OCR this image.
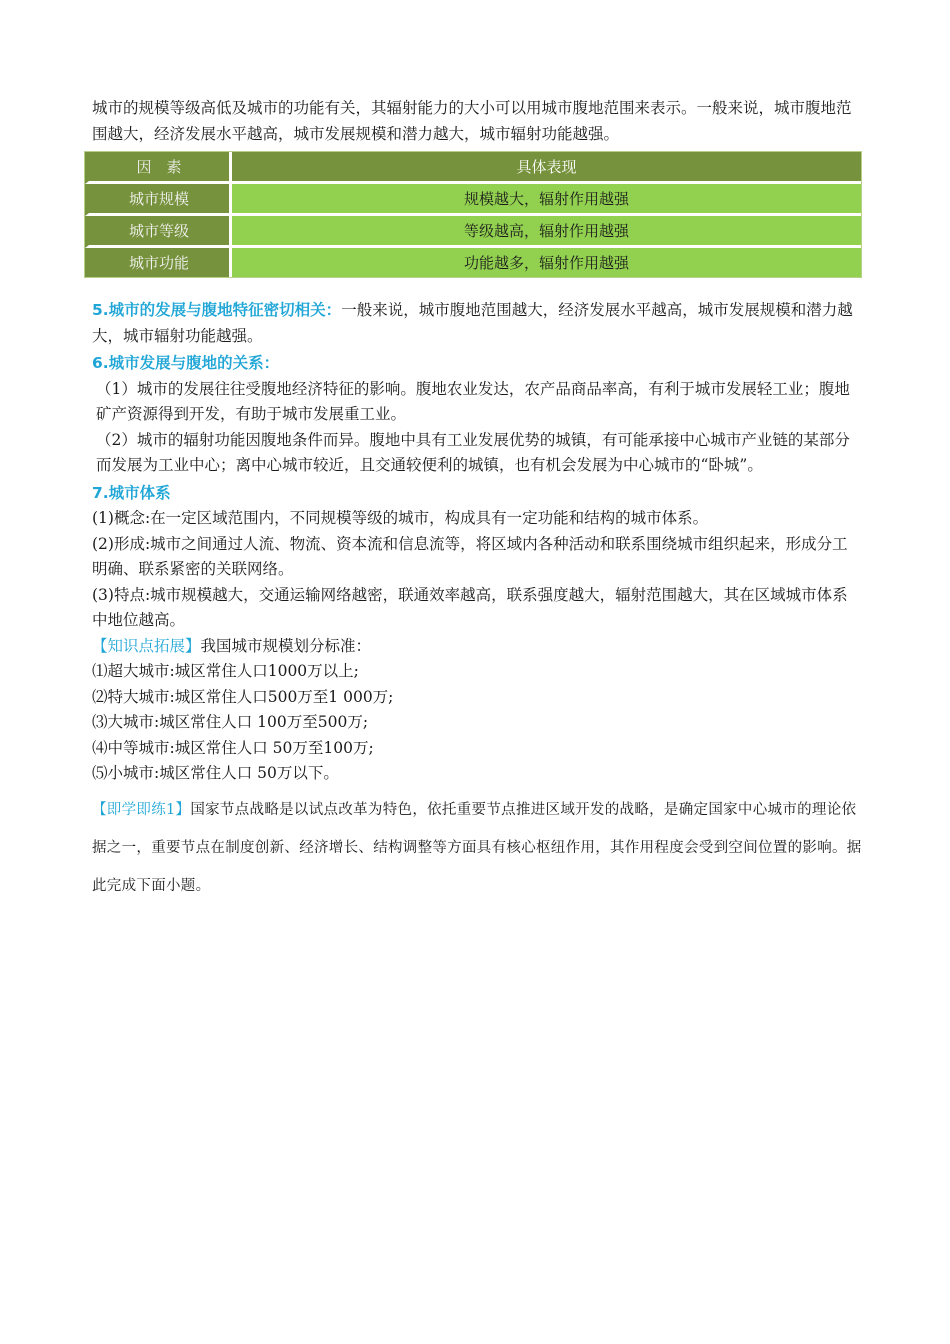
城市的规模等级高低及城市的功能有关，其辐射能力的大小可以用城市腹地范围来表示。一般来说，城市腹地范围越大，经济发展水平越高，城市发展规模和潜力越大，城市辐射功能越强。

因　素	具体表现
城市规模	规模越大，辐射作用越强
城市等级	等级越高，辐射作用越强
城市功能	功能越多，辐射作用越强

5.城市的发展与腹地特征密切相关：一般来说，城市腹地范围越大，经济发展水平越高，城市发展规模和潜力越大，城市辐射功能越强。

6.城市发展与腹地的关系：

（1）城市的发展往往受腹地经济特征的影响。腹地农业发达，农产品商品率高，有利于城市发展轻工业；腹地矿产资源得到开发，有助于城市发展重工业。

（2）城市的辐射功能因腹地条件而异。腹地中具有工业发展优势的城镇，有可能承接中心城市产业链的某部分而发展为工业中心；离中心城市较近，且交通较便利的城镇，也有机会发展为中心城市的“卧城”。

7.城市体系

(1)概念:在一定区域范围内，不同规模等级的城市，构成具有一定功能和结构的城市体系。

(2)形成:城市之间通过人流、物流、资本流和信息流等，将区域内各种活动和联系围绕城市组织起来，形成分工明确、联系紧密的关联网络。

(3)特点:城市规模越大，交通运输网络越密，联通效率越高，联系强度越大，辐射范围越大，其在区域城市体系中地位越高。

【知识点拓展】我国城市规模划分标准：

⑴超大城市:城区常住人口1000万以上;

⑵特大城市:城区常住人口500万至1 000万;

⑶大城市:城区常住人口 100万至500万;

⑷中等城市:城区常住人口 50万至100万;

⑸小城市:城区常住人口 50万以下。

【即学即练1】国家节点战略是以试点改革为特色，依托重要节点推进区域开发的战略，是确定国家中心城市的理论依据之一，重要节点在制度创新、经济增长、结构调整等方面具有核心枢纽作用，其作用程度会受到空间位置的影响。据此完成下面小题。
